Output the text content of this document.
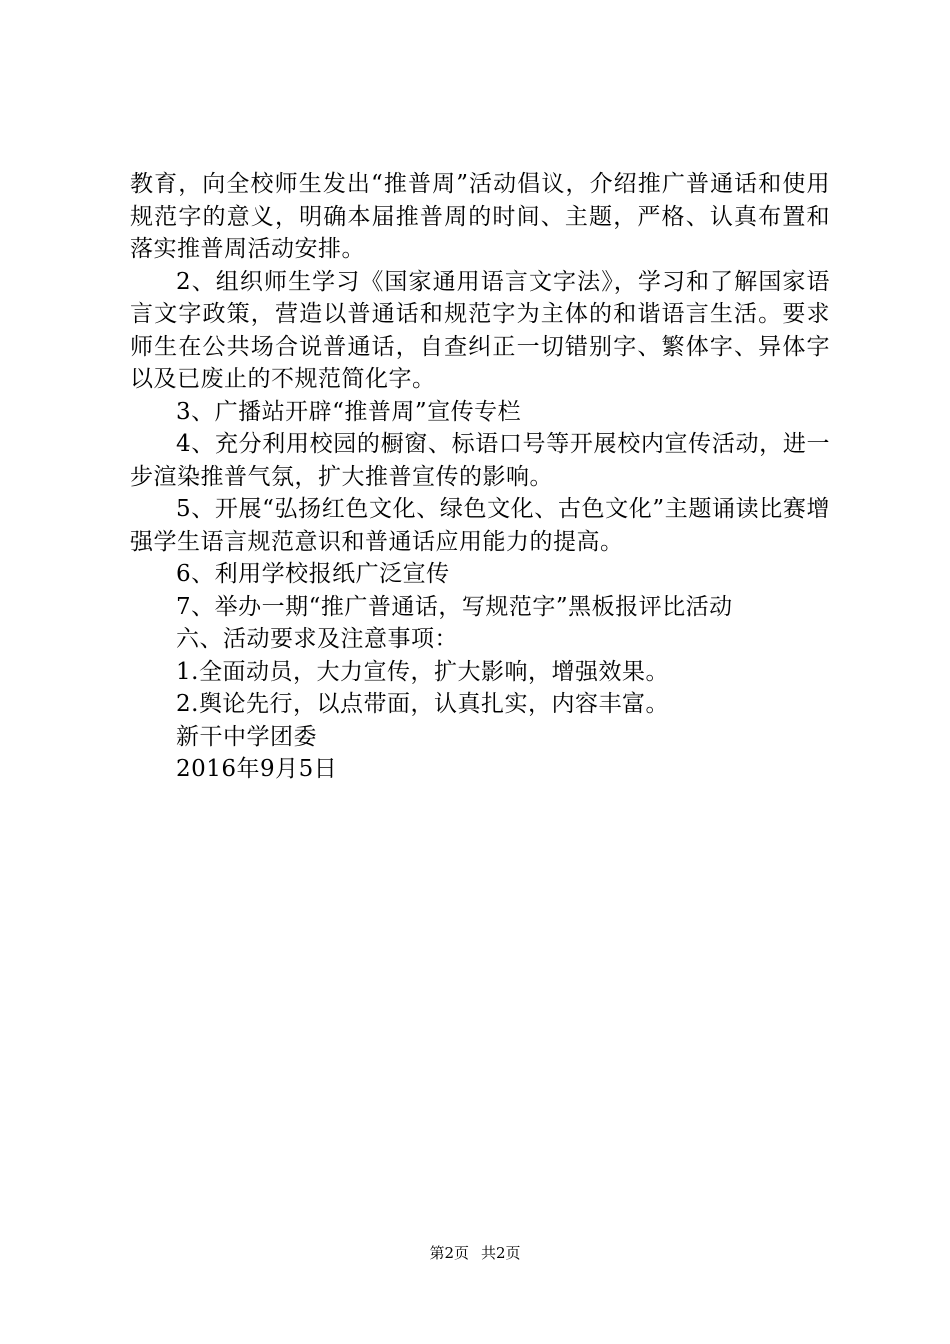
教育，向全校师生发出“推普周”活动倡议，介绍推广普通话和使用规范字的意义，明确本届推普周的时间、主题，严格、认真布置和落实推普周活动安排。

2、组织师生学习《国家通用语言文字法》，学习和了解国家语言文字政策，营造以普通话和规范字为主体的和谐语言生活。要求师生在公共场合说普通话，自查纠正一切错别字、繁体字、异体字以及已废止的不规范简化字。

3、广播站开辟“推普周”宣传专栏

4、充分利用校园的橱窗、标语口号等开展校内宣传活动，进一步渲染推普气氛，扩大推普宣传的影响。

5、开展“弘扬红色文化、绿色文化、古色文化”主题诵读比赛增强学生语言规范意识和普通话应用能力的提高。

6、利用学校报纸广泛宣传

7、举办一期“推广普通话，写规范字”黑板报评比活动

六、活动要求及注意事项：

1.全面动员，大力宣传，扩大影响，增强效果。

2.舆论先行，以点带面，认真扎实，内容丰富。

新干中学团委

2016年9月5日

第2页 共2页
